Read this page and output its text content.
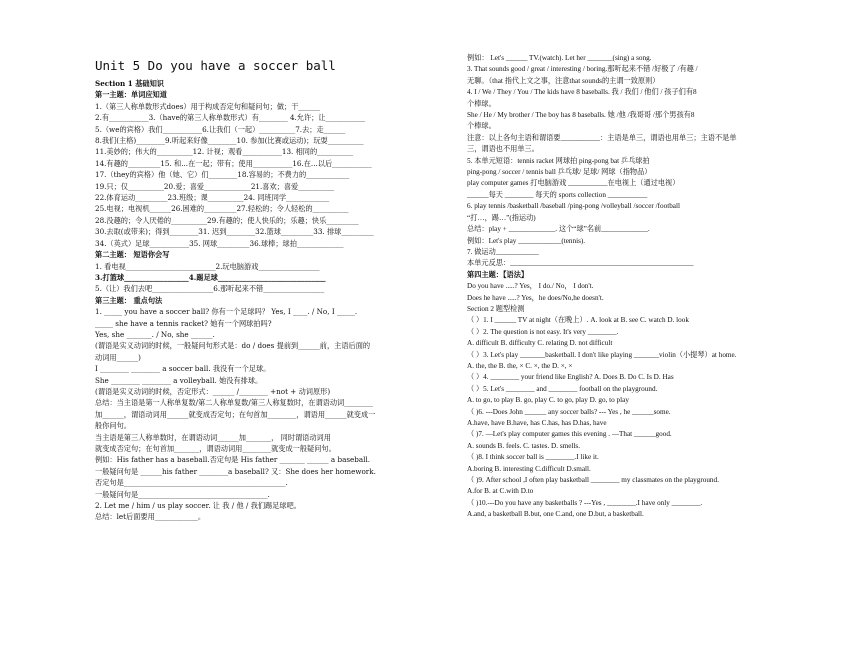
Unit 5 Do you have a soccer ball
Section 1 基础知识
第一主题：单词应知道
1.（第三人称单数形式does）用于构成否定句和疑问句；做；干______
2.有___________3.（have的第三人称单数形式）有________ 4.允许；让___________
5.（we的宾格）我们___________6.让我们（一起）__________7.去；走______
8.我们(主格)________9.听起来好像________10. 参加(比赛或运动)；玩耍__________
11.美妙的；伟大的__________12. 计视；观看___________13. 相同的__________
14.有趣的_________15. 和...在一起；带有；使用___________16.在...以后___________
17.（they的宾格）他（她、它）们________18.容易的；不费力的____________
19.只；仅__________20.爱；喜爱_____________21.喜欢；喜爱__________
22.体育运动_________23.班级；课__________24. 同班同学____________
25.电视；电视机______26.困难的_________27.轻松的；令人轻松的__________
28.没趣的；令人厌倦的__________29.有趣的；使人快乐的；乐趣；快乐_________
30.去取(或带来)；得到________31. 迟到________32.篮球_________33. 排球_________
34.（英式）足球___________35. 网球_________36.球棒；球拍_____________
第二主题： 短语你会写
1. 看电视_________________________2.玩电脑游戏_________________
3.打篮球__________________4.踢足球______________________________
5.（让）我们去吧_________________6.那听起来不错_________________
第三主题： 重点句法
1. _____ you have a soccer ball? 你有一个足球吗？ Yes, I ____. / No, I _____.
_____ she have a tennis racket? 她有一个网球拍吗?
Yes, she _______. / No, she ______.
(谓语是实义动词的时候，一般疑问句形式是：do / does 提前到______前，主语后面的
动词用______)
I ________ ________ a soccer ball. 我没有一个足球。
She ________ ________ a volleyball. 她没有排球。
(谓语是实义动词的时候，否定形式：______ /________ +not + 动词原形)
总结：当主语是第一人称单复数/第二人称单复数/第三人称复数时，在谓语动词________
加______，谓语动词用______就变成否定句；在句首加________，谓语用______就变成一
般你问句。
当主语是第三人称单数时，在谓语动词______加_______， 同时谓语动词用
就变成否定句；在句首加_______，谓语动词用________就变成一般疑问句。
例如：His father has a baseball.否定句是 His father _______ ______ a baseball.
一般疑问句是 ______his father ________a baseball? 又：She does her homework.
否定句是_____________________________________________.
一般疑问句是____________________________________.
2. Let me / him / us play soccer. 让 我 / 他 / 我们踢足球吧。
总结：let后面要用____________。
例如： Let's ______ TV.(watch). Let her _______(sing) a song.
3. That sounds good / great / interesting / boring.那听起来不错 /好极了 /有趣 /
无聊。（that 指代上文之事，注意that sounds的主谓一致原则）
4. I / We / They / You / The kids have 8 baseballs. 我 / 我们 / 他们 / 孩子们有8
个棒球。
She / He / My brother / The boy has 8 baseballs. 她 /他 /我哥哥 /那个男孩有8
个棒球。
注意：以上各句主语和谓语要___________：主语是单三，谓语也用单三；主语不是单
三，谓语也不用单三。
5. 本单元短语：tennis racket 网球拍 ping-pong bat 乒乓球拍
ping-pong / soccer / tennis ball 乒乓球/ 足球/ 网球（指物品）
play computer games 打电脑游戏 ___________在电视上（通过电视）
______每天 ________ 每天的 sports collection ___________
6. play tennis /basketball /baseball /ping-pong /volleyball /soccer /football
“打…，踢…”(指运动)
总结：play + _____________. 这个“球”名前_____________.
例如：Let's play ____________(tennis).
7. 做运动____________
本单元反思：___________________________________________________
第四主题：【语法】
Do you have .....? Yes， I do./ No， I don't.
Does he have .....? Yes，he does/No,he doesn't.
Section 2 题型检测
（ ）1. I ______ TV at night（在晚上）. A. look at B. see C. watch D. look
（ ）2. The question is not easy. It's very ________.
A. difficult B. difficulty C. relating D. not difficult
（ ）3. Let's play _______basketball. I don't like playing _______violin（小提琴）at home.
A. the, the B. the, × C. ×, the D. ×, ×
（ ）4. ________ your friend like English? A. Does B. Do C. Is D. Has
（ ）5. Let's ________ and ________ football on the playground.
A. to go, to play B. go, play C. to go, play D. go, to play
（ )6. ---Does John ______ any soccer balls? --- Yes , he ______some.
A.have, have B.have, has C.has, has D.has, have
（ )7. —Let's play computer games this evening . —That ______good.
A. sounds B. feels. C. tastes. D. smells.
（ )8. I think soccer ball is ________.I like it.
A.boring B. interesting C.difficult D.small.
（ )9. After school ,I often play basketball ________ my classmates on the playground.
A.for B. at C.with D.to
（ )10.---Do you have any basketballs ? ---Yes , ________.I have only ________.
A.and, a basketball B.but, one C.and, one D.but, a basketball.
